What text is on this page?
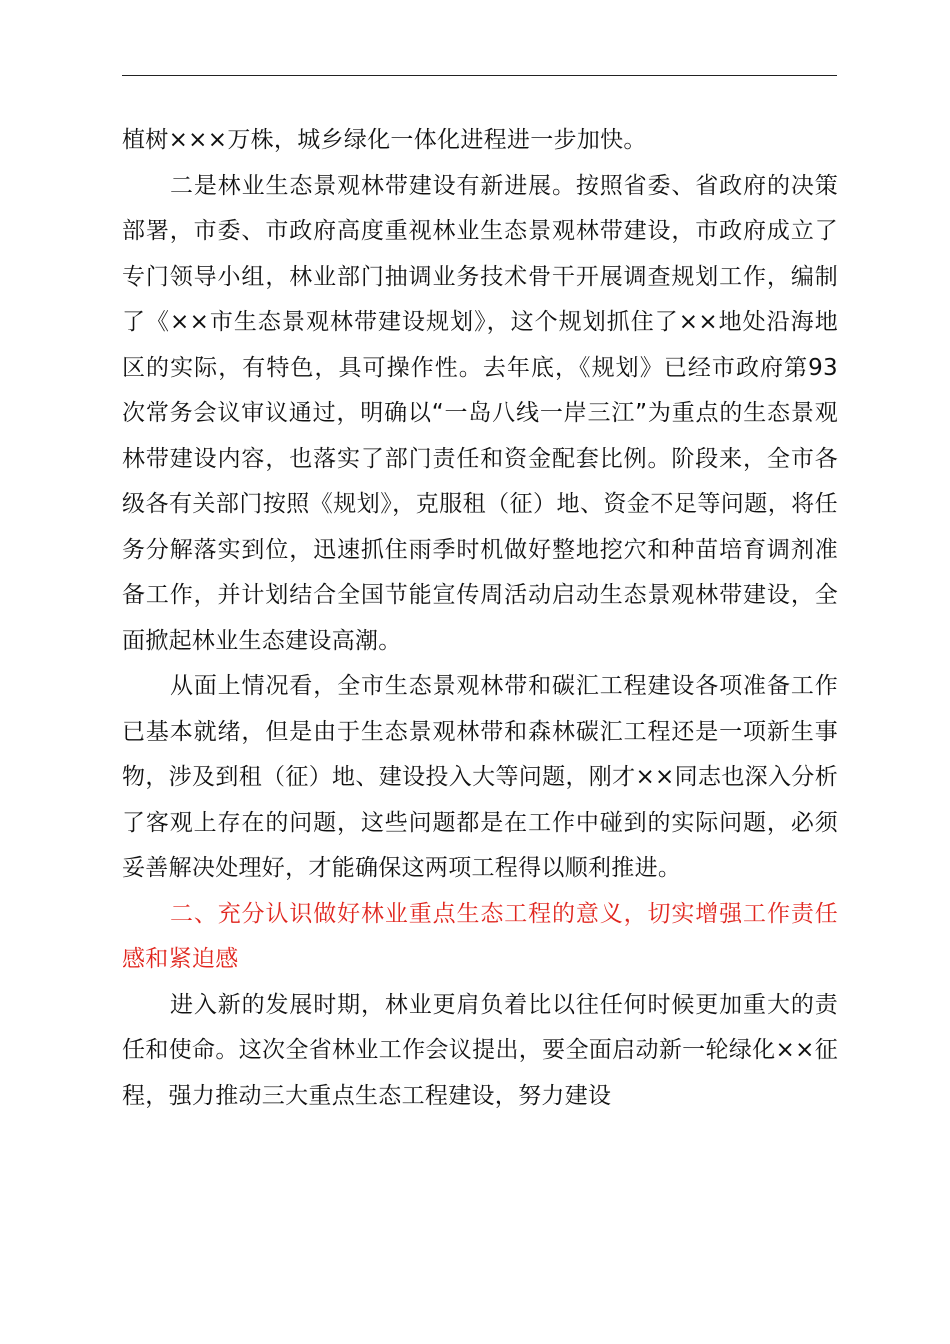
植树×××万株，城乡绿化一体化进程进一步加快。

二是林业生态景观林带建设有新进展。按照省委、省政府的决策部署，市委、市政府高度重视林业生态景观林带建设，市政府成立了专门领导小组，林业部门抽调业务技术骨干开展调查规划工作，编制了《××市生态景观林带建设规划》，这个规划抓住了××地处沿海地区的实际，有特色，具可操作性。去年底，《规划》已经市政府第93次常务会议审议通过，明确以“一岛八线一岸三江”为重点的生态景观林带建设内容，也落实了部门责任和资金配套比例。阶段来，全市各级各有关部门按照《规划》，克服租（征）地、资金不足等问题，将任务分解落实到位，迅速抓住雨季时机做好整地挖穴和种苗培育调剂准备工作，并计划结合全国节能宣传周活动启动生态景观林带建设，全面掀起林业生态建设高潮。

从面上情况看，全市生态景观林带和碳汇工程建设各项准备工作已基本就绪，但是由于生态景观林带和森林碳汇工程还是一项新生事物，涉及到租（征）地、建设投入大等问题，刚才××同志也深入分析了客观上存在的问题，这些问题都是在工作中碰到的实际问题，必须妥善解决处理好，才能确保这两项工程得以顺利推进。

二、充分认识做好林业重点生态工程的意义，切实增强工作责任感和紧迫感

进入新的发展时期，林业更肩负着比以往任何时候更加重大的责任和使命。这次全省林业工作会议提出，要全面启动新一轮绿化××征程，强力推动三大重点生态工程建设，努力建设
